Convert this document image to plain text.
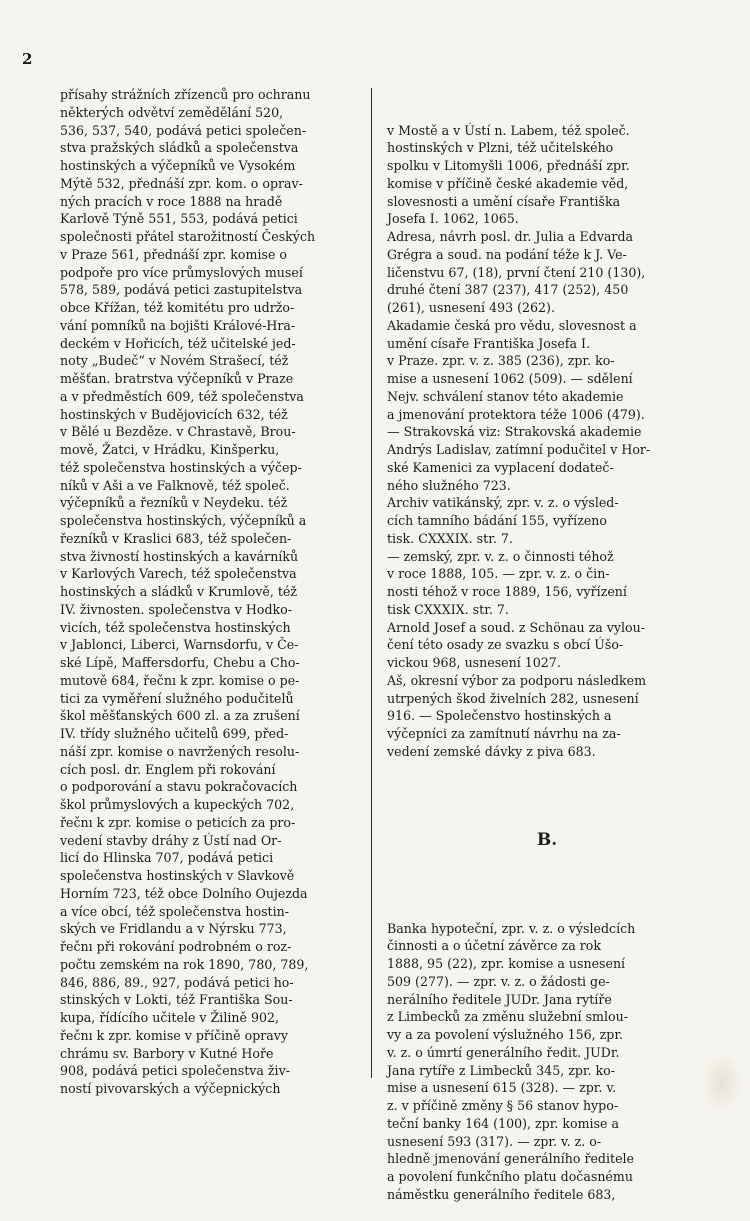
2
přísahy strážních zřízenců pro ochranu
některých odvětví zemědělání 520,
536, 537, 540, podává petici společen-
stva pražských sládků a společenstva
hostinských a výčepníků ve Vysokém
Mýtě 532, přednáší zpr. kom. o oprav-
ných pracích v roce 1888 na hradě
Karlově Týně 551, 553, podává petici
společnosti přátel starožitností Českých
v Praze 561, přednáší zpr. komise o
podpoře pro více průmyslových museí
578, 589, podává petici zastupitelstva
obce Křížan, též komitétu pro udržo-
vání pomníků na bojišti Králové-Hra-
deckém v Hořicích, též učitelské jed-
noty „Budeč“ v Novém Strašecí, též
měšťan. bratrstva výčepníků v Praze
a v předměstích 609, též společenstva
hostinských v Budějovicích 632, též
v Bělé u Bezděze. v Chrastavě, Brou-
mově, Žatci, v Hrádku, Kinšperku,
též společenstva hostinských a výčep-
níků v Aši a ve Falknově, též společ.
výčepníků a řezníků v Neydeku. též
společenstva hostinských, výčepníků a
řezníků v Kraslici 683, též společen-
stva živností hostinských a kavárníků
v Karlových Varech, též společenstva
hostinských a sládků v Krumlově, též
IV. živnosten. společenstva v Hodko-
vicích, též společenstva hostinských
v Jablonci, Liberci, Warnsdorfu, v Če-
ské Lípě, Maffersdorfu, Chebu a Cho-
mutově 684, řečnı k zpr. komise o pe-
tici za vyměření služného podučitelů
škol měšťanských 600 zl. a za zrušení
IV. třídy služného učitelů 699, před-
náší zpr. komise o navržených resolu-
cích posl. dr. Englem při rokování
o podporování a stavu pokračovacích
škol průmyslových a kupeckých 702,
řečnı k zpr. komise o peticích za pro-
vedení stavby dráhy z Ústí nad Or-
licí do Hlinska 707, podává petici
společenstva hostinských v Slavkově
Horním 723, též obce Dolního Oujezda
a více obcí, též společenstva hostin-
ských ve Fridlandu a v Nýrsku 773,
řečnı při rokování podrobném o roz-
počtu zemském na rok 1890, 780, 789,
846, 886, 89., 927, podává petici ho-
stinských v Lokti, též Františka Sou-
kupa, řídícího učitele v Žilině 902,
řečnı k zpr. komise v příčině opravy
chrámu sv. Barbory v Kutné Hoře
908, podává petici společenstva živ-
ností pivovarských a výčepnických

v Mostě a v Ústí n. Labem, též společ.
hostinských v Plzni, též učitelského
spolku v Litomyšli 1006, přednáší zpr.
komise v příčině české akademie věd,
slovesnosti a umění císaře Františka
Josefa I. 1062, 1065.
Adresa, návrh posl. dr. Julia a Edvarda
Grégra a soud. na podání téže k J. Ve-
ličenstvu 67, (18), první čtení 210 (130),
druhé čtení 387 (237), 417 (252), 450
(261), usnesení 493 (262).
Akadamie česká pro vědu, slovesnost a
umění císaře Františka Josefa I.
v Praze. zpr. v. z. 385 (236), zpr. ko-
mise a usnesení 1062 (509). — sdělení
Nejv. schválení stanov této akademie
a jmenování protektora téže 1006 (479).
— Strakovská viz: Strakovská akademie
Andrýs Ladislav, zatímní podučitel v Hor-
ské Kamenici za vyplacení dodateč-
ného služného 723.
Archiv vatikánský, zpr. v. z. o výsled-
cích tamního bádání 155, vyřízeno
tisk. CXXXIX. str. 7.
— zemský, zpr. v. z. o činnosti téhož
v roce 1888, 105. — zpr. v. z. o čin-
nosti téhož v roce 1889, 156, vyřízení
tisk CXXXIX. str. 7.
Arnold Josef a soud. z Schönau za vylou-
čení této osady ze svazku s obcí Úšo-
vickou 968, usnesení 1027.
Aš, okresní výbor za podporu následkem
utrpených škod živelních 282, usnesení
916. — Společenstvo hostinských a
výčepníci za zamítnutí návrhu na za-
vedení zemské dávky z piva 683.

B.

Banka hypoteční, zpr. v. z. o výsledcích
činnosti a o účetní závěrce za rok
1888, 95 (22), zpr. komise a usnesení
509 (277). — zpr. v. z. o žádosti ge-
nerálního ředitele JUDr. Jana rytíře
z Limbecků za změnu služební smlou-
vy a za povolení výslužného 156, zpr.
v. z. o úmrtí generálního ředit. JUDr.
Jana rytíře z Limbecků 345, zpr. ko-
mise a usnesení 615 (328). — zpr. v.
z. v příčině změny § 56 stanov hypo-
teční banky 164 (100), zpr. komise a
usnesení 593 (317). — zpr. v. z. o-
hledně jmenování generálního ředitele
a povolení funkčního platu dočasnému
náměstku generálního ředitele 683,
